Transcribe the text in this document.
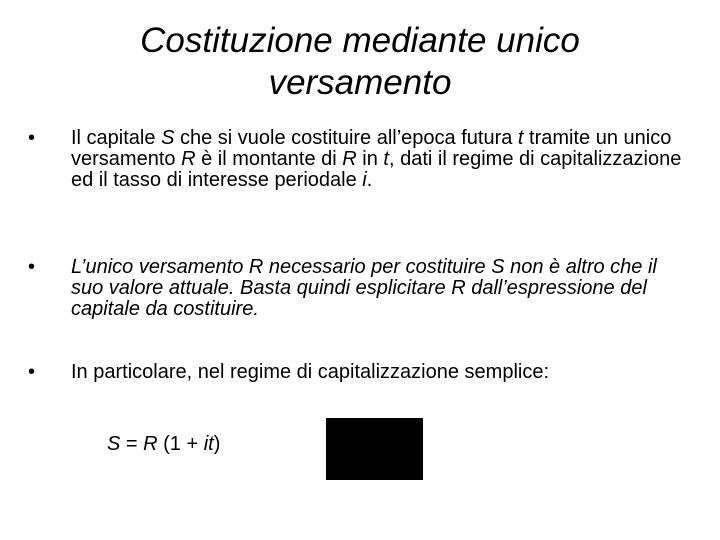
Costituzione mediante unico
versamento
•	Il capitale S che si vuole costituire all’epoca futura t tramite un unico versamento R è il montante di R in t, dati il regime di capitalizzazione ed il tasso di interesse periodale i.
•	L’unico versamento R necessario per costituire S non è altro che il suo valore attuale. Basta quindi esplicitare R dall’espressione del capitale da costituire.
•	In particolare, nel regime di capitalizzazione semplice:
S = R (1 + it)
